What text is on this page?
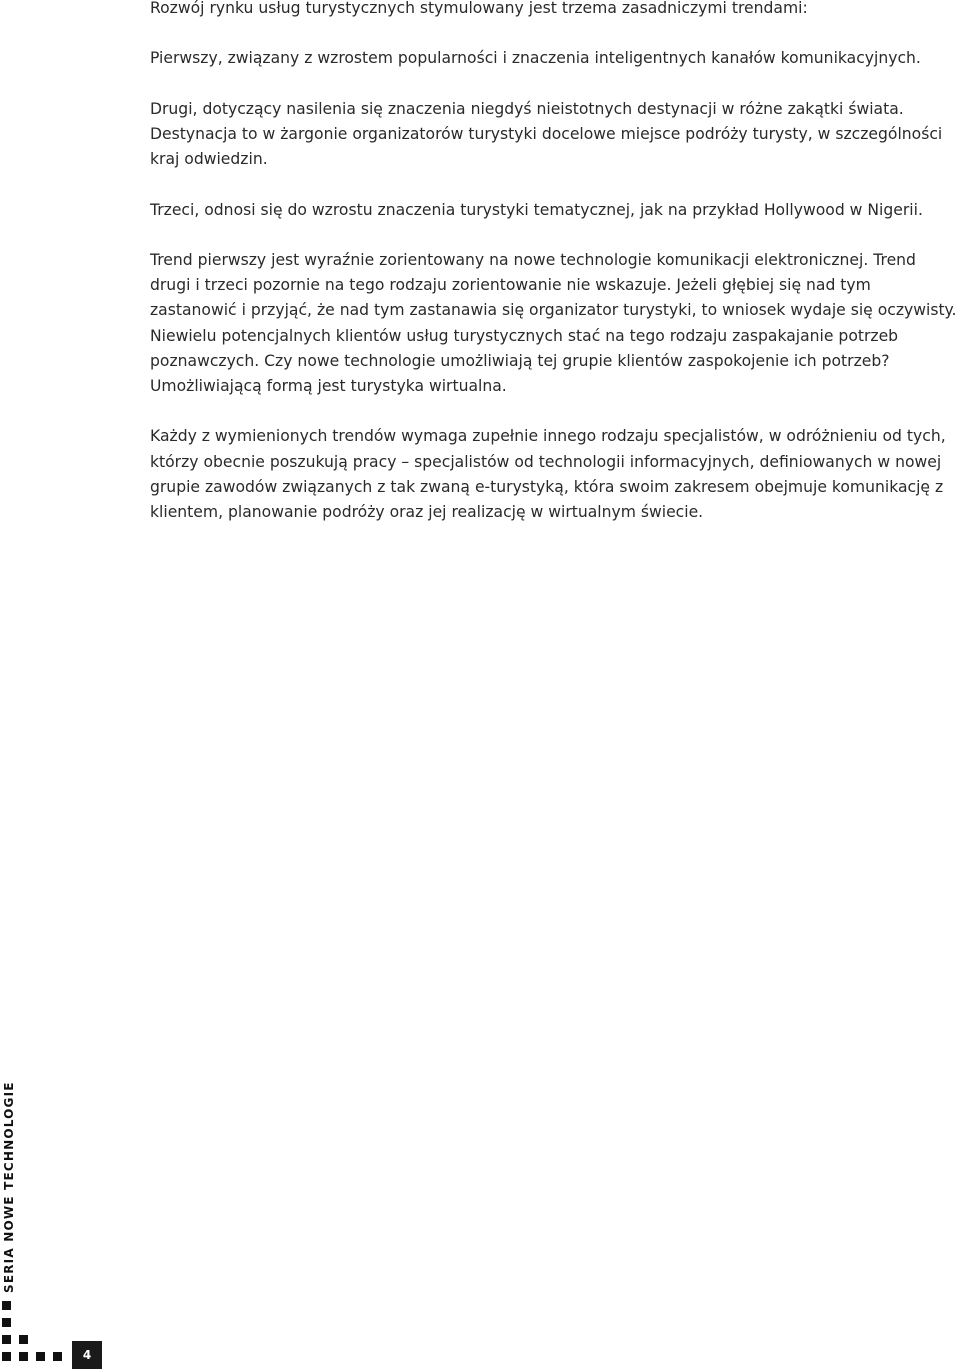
Rozwój rynku usług turystycznych stymulowany jest trzema zasadniczymi trendami:

Pierwszy, związany z wzrostem popularności i znaczenia inteligentnych kanałów komunikacyjnych.

Drugi, dotyczący nasilenia się znaczenia niegdyś nieistotnych destynacji w różne zakątki świata. Destynacja to w żargonie organizatorów turystyki docelowe miejsce podróży turysty, w szczególności kraj odwiedzin.

Trzeci, odnosi się do wzrostu znaczenia turystyki tematycznej, jak na przykład Hollywood w Nigerii.

Trend pierwszy jest wyraźnie zorientowany na nowe technologie komunikacji elektronicznej. Trend drugi i trzeci pozornie na tego rodzaju zorientowanie nie wskazuje. Jeżeli głębiej się nad tym zastanowić i przyjąć, że nad tym zastanawia się organizator turystyki, to wniosek wydaje się oczywisty. Niewielu potencjalnych klientów usług turystycznych stać na tego rodzaju zaspakajanie potrzeb poznawczych. Czy nowe technologie umożliwiają tej grupie klientów zaspokojenie ich potrzeb? Umożliwiającą formą jest turystyka wirtualna.

Każdy z wymienionych trendów wymaga zupełnie innego rodzaju specjalistów, w odróżnieniu od tych, którzy obecnie poszukują pracy – specjalistów od technologii informacyjnych, definiowanych w nowej grupie zawodów związanych z tak zwaną e-turystyką, która swoim zakresem obejmuje komunikację z klientem, planowanie podróży oraz jej realizację w wirtualnym świecie.

SERIA NOWE TECHNOLOGIE
4
